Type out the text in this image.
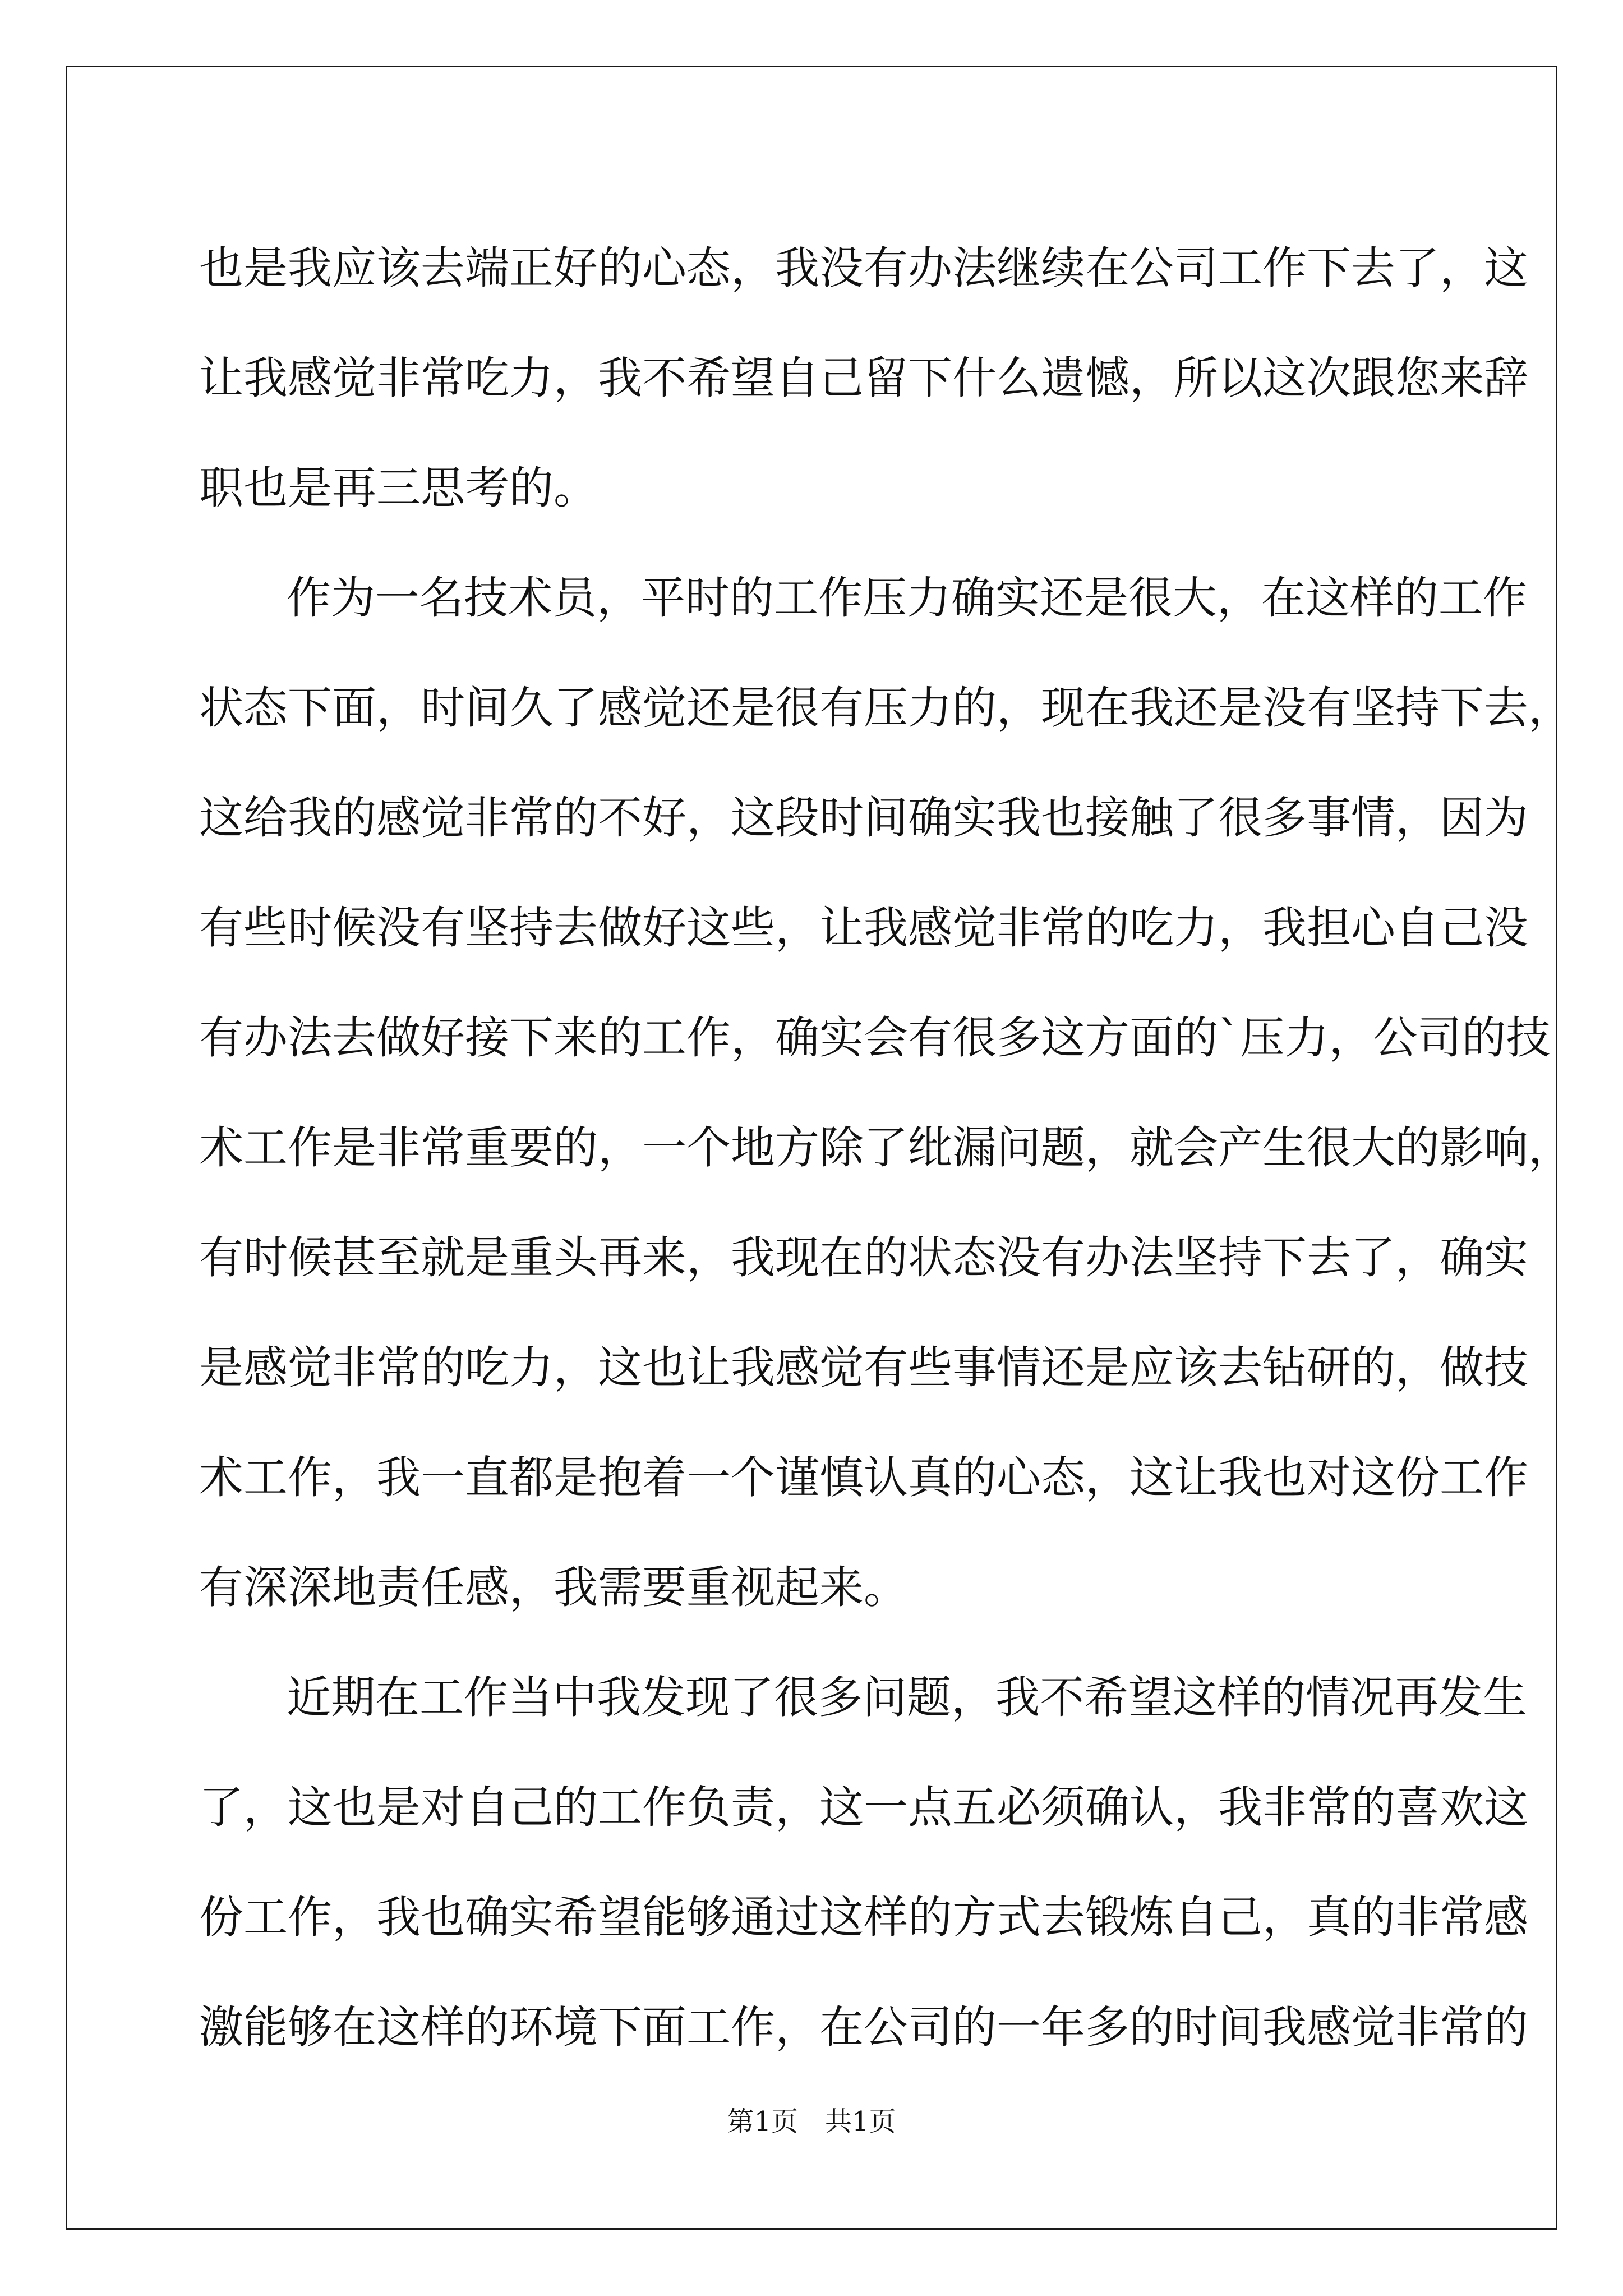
也是我应该去端正好的心态，我没有办法继续在公司工作下去了，这
让我感觉非常吃力，我不希望自己留下什么遗憾，所以这次跟您来辞
职也是再三思考的。
作为一名技术员，平时的工作压力确实还是很大，在这样的工作
状态下面，时间久了感觉还是很有压力的，现在我还是没有坚持下去，
这给我的感觉非常的不好，这段时间确实我也接触了很多事情，因为
有些时候没有坚持去做好这些，让我感觉非常的吃力，我担心自己没
有办法去做好接下来的工作，确实会有很多这方面的`压力，公司的技
术工作是非常重要的，一个地方除了纰漏问题，就会产生很大的影响，
有时候甚至就是重头再来，我现在的状态没有办法坚持下去了，确实
是感觉非常的吃力，这也让我感觉有些事情还是应该去钻研的，做技
术工作，我一直都是抱着一个谨慎认真的心态，这让我也对这份工作
有深深地责任感，我需要重视起来。
近期在工作当中我发现了很多问题，我不希望这样的情况再发生
了，这也是对自己的工作负责，这一点五必须确认，我非常的喜欢这
份工作，我也确实希望能够通过这样的方式去锻炼自己，真的非常感
激能够在这样的环境下面工作，在公司的一年多的时间我感觉非常的
第1页　共1页
